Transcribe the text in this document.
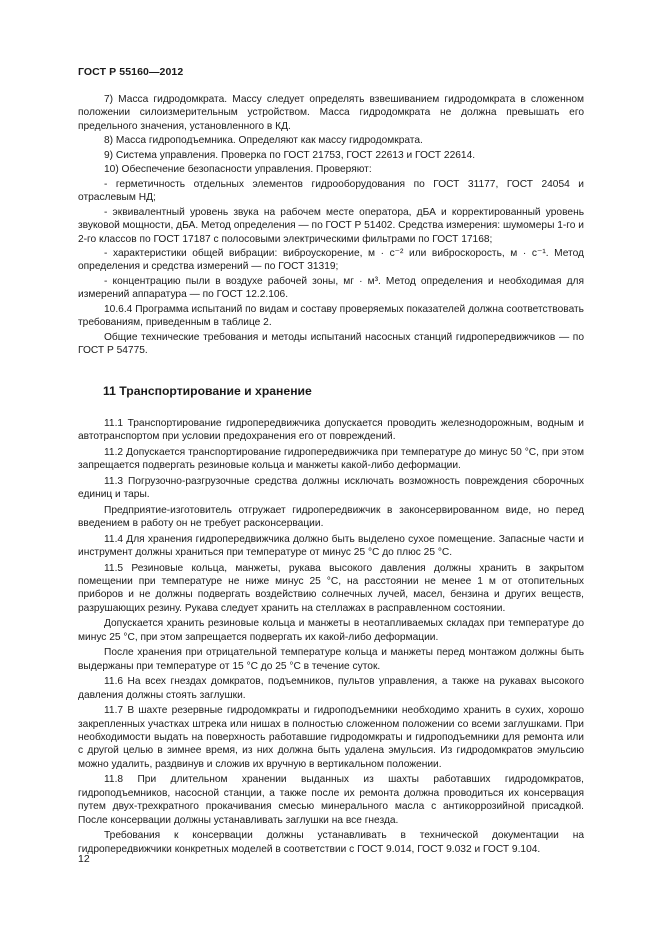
ГОСТ Р 55160—2012

7) Масса гидродомкрата. Массу следует определять взвешиванием гидродомкрата в сложенном положении силоизмерительным устройством. Масса гидродомкрата не должна превышать его предельного значения, установленного в КД.

8) Масса гидроподъемника. Определяют как массу гидродомкрата.

9) Система управления. Проверка по ГОСТ 21753, ГОСТ 22613 и ГОСТ 22614.

10) Обеспечение безопасности управления. Проверяют:

- герметичность отдельных элементов гидрооборудования по ГОСТ 31177, ГОСТ 24054 и отраслевым НД;

- эквивалентный уровень звука на рабочем месте оператора, дБА и корректированный уровень звуковой мощности, дБА. Метод определения — по ГОСТ Р 51402. Средства измерения: шумомеры 1-го и 2-го классов по ГОСТ 17187 с полосовыми электрическими фильтрами по ГОСТ 17168;

- характеристики общей вибрации: виброускорение, м · с⁻² или виброскорость, м · с⁻¹. Метод определения и средства измерений — по ГОСТ 31319;

- концентрацию пыли в воздухе рабочей зоны, мг · м³. Метод определения и необходимая для измерений аппаратура — по ГОСТ 12.2.106.

10.6.4 Программа испытаний по видам и составу проверяемых показателей должна соответствовать требованиям, приведенным в таблице 2.

Общие технические требования и методы испытаний насосных станций гидропередвижчиков — по ГОСТ Р 54775.

11 Транспортирование и хранение

11.1 Транспортирование гидропередвижчика допускается проводить железнодорожным, водным и автотранспортом при условии предохранения его от повреждений.

11.2 Допускается транспортирование гидропередвижчика при температуре до минус 50 °С, при этом запрещается подвергать резиновые кольца и манжеты какой-либо деформации.

11.3 Погрузочно-разгрузочные средства должны исключать возможность повреждения сборочных единиц и тары.

Предприятие-изготовитель отгружает гидропередвижчик в законсервированном виде, но перед введением в работу он не требует расконсервации.

11.4 Для хранения гидропередвижчика должно быть выделено сухое помещение. Запасные части и инструмент должны храниться при температуре от минус 25 °С до плюс 25 °С.

11.5 Резиновые кольца, манжеты, рукава высокого давления должны хранить в закрытом помещении при температуре не ниже минус 25 °С, на расстоянии не менее 1 м от отопительных приборов и не должны подвергать воздействию солнечных лучей, масел, бензина и других веществ, разрушающих резину. Рукава следует хранить на стеллажах в расправленном состоянии.

Допускается хранить резиновые кольца и манжеты в неотапливаемых складах при температуре до минус 25 °С, при этом запрещается подвергать их какой-либо деформации.

После хранения при отрицательной температуре кольца и манжеты перед монтажом должны быть выдержаны при температуре от 15 °С до 25 °С в течение суток.

11.6 На всех гнездах домкратов, подъемников, пультов управления, а также на рукавах высокого давления должны стоять заглушки.

11.7 В шахте резервные гидродомкраты и гидроподъемники необходимо хранить в сухих, хорошо закрепленных участках штрека или нишах в полностью сложенном положении со всеми заглушками. При необходимости выдать на поверхность работавшие гидродомкраты и гидроподъемники для ремонта или с другой целью в зимнее время, из них должна быть удалена эмульсия. Из гидродомкратов эмульсию можно удалить, раздвинув и сложив их вручную в вертикальном положении.

11.8 При длительном хранении выданных из шахты работавших гидродомкратов, гидроподъемников, насосной станции, а также после их ремонта должна проводиться их консервация путем двух-трехкратного прокачивания смесью минерального масла с антикоррозийной присадкой. После консервации должны устанавливать заглушки на все гнезда.

Требования к консервации должны устанавливать в технической документации на гидропередвижчики конкретных моделей в соответствии с ГОСТ 9.014, ГОСТ 9.032 и ГОСТ 9.104.

12
